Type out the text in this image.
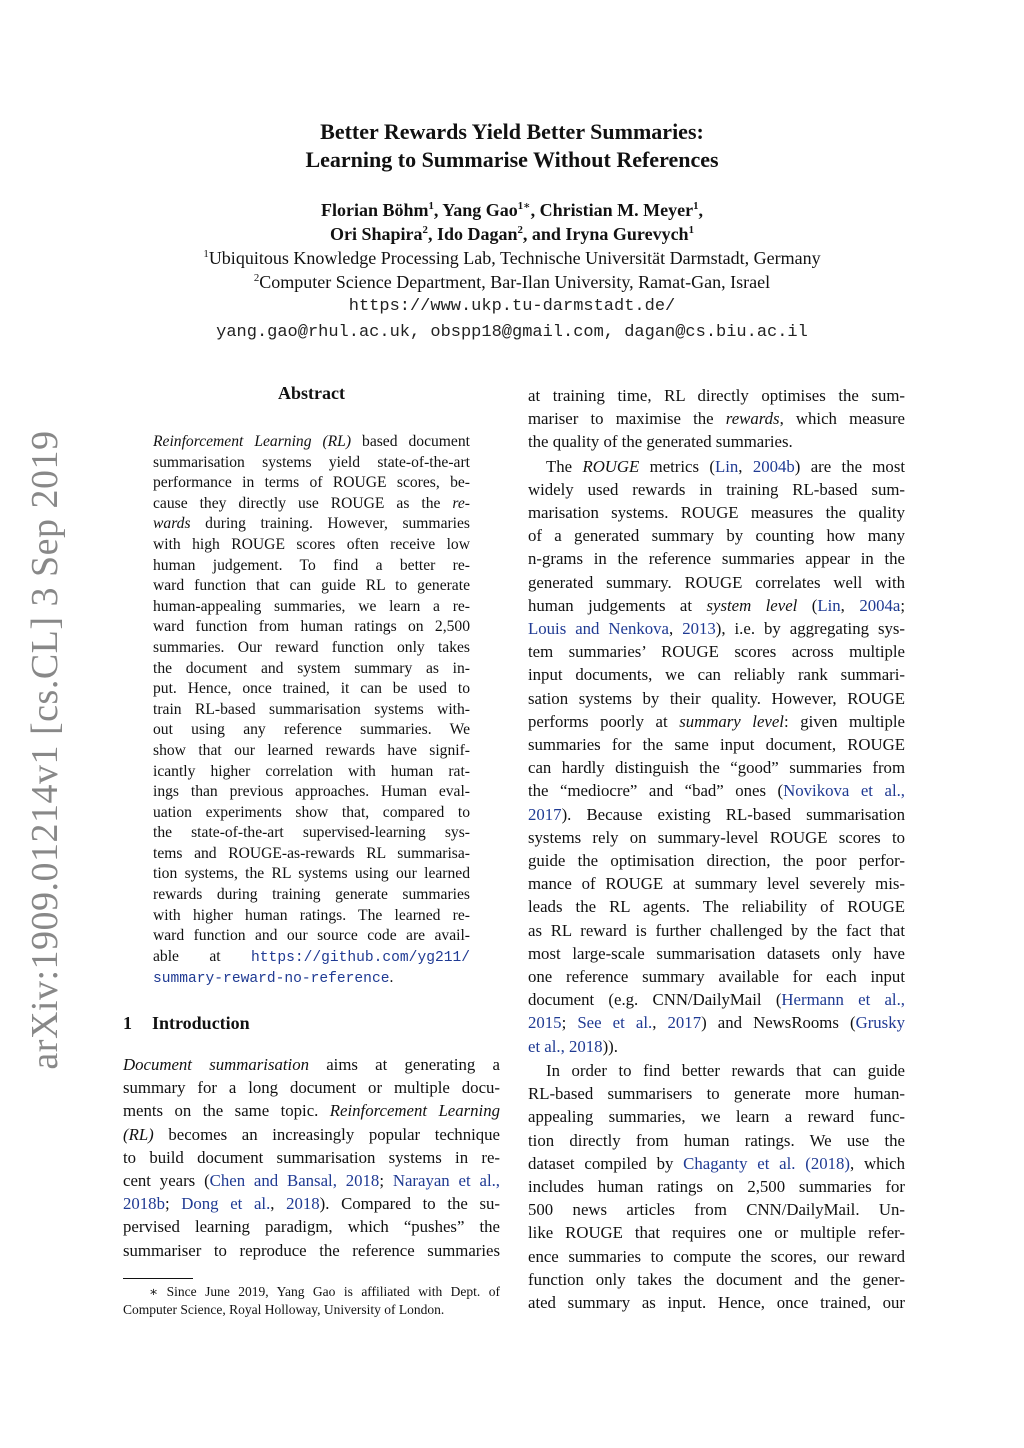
arXiv:1909.01214v1 [cs.CL] 3 Sep 2019
Better Rewards Yield Better Summaries:
Learning to Summarise Without References
Florian Böhm$^1$, Yang Gao$^{1∗}$, Christian M. Meyer$^1$,
Ori Shapira$^2$, Ido Dagan$^2$, and Iryna Gurevych$^1$
$^1$Ubiquitous Knowledge Processing Lab, Technische Universität Darmstadt, Germany
$^2$Computer Science Department, Bar-Ilan University, Ramat-Gan, Israel
https://www.ukp.tu-darmstadt.de/
yang.gao@rhul.ac.uk, obspp18@gmail.com, dagan@cs.biu.ac.il
Abstract
Reinforcement Learning (RL) based document
summarisation systems yield state-of-the-art
performance in terms of ROUGE scores, be-
cause they directly use ROUGE as the re-
wards during training. However, summaries
with high ROUGE scores often receive low
human judgement. To find a better re-
ward function that can guide RL to generate
human-appealing summaries, we learn a re-
ward function from human ratings on 2,500
summaries. Our reward function only takes
the document and system summary as in-
put. Hence, once trained, it can be used to
train RL-based summarisation systems with-
out using any reference summaries. We
show that our learned rewards have signif-
icantly higher correlation with human rat-
ings than previous approaches. Human eval-
uation experiments show that, compared to
the state-of-the-art supervised-learning sys-
tems and ROUGE-as-rewards RL summarisa-
tion systems, the RL systems using our learned
rewards during training generate summaries
with higher human ratings. The learned re-
ward function and our source code are avail-
able at https://github.com/yg211/
summary-reward-no-reference.
1 Introduction
Document summarisation aims at generating a
summary for a long document or multiple docu-
ments on the same topic. Reinforcement Learning
(RL) becomes an increasingly popular technique
to build document summarisation systems in re-
cent years (Chen and Bansal, 2018; Narayan et al.,
2018b; Dong et al., 2018). Compared to the su-
pervised learning paradigm, which “pushes” the
summariser to reproduce the reference summaries
∗ Since June 2019, Yang Gao is affiliated with Dept. of
Computer Science, Royal Holloway, University of London.
at training time, RL directly optimises the sum-
mariser to maximise the rewards, which measure
the quality of the generated summaries.
The ROUGE metrics (Lin, 2004b) are the most
widely used rewards in training RL-based sum-
marisation systems. ROUGE measures the quality
of a generated summary by counting how many
n-grams in the reference summaries appear in the
generated summary. ROUGE correlates well with
human judgements at system level (Lin, 2004a;
Louis and Nenkova, 2013), i.e. by aggregating sys-
tem summaries’ ROUGE scores across multiple
input documents, we can reliably rank summari-
sation systems by their quality. However, ROUGE
performs poorly at summary level: given multiple
summaries for the same input document, ROUGE
can hardly distinguish the “good” summaries from
the “mediocre” and “bad” ones (Novikova et al.,
2017). Because existing RL-based summarisation
systems rely on summary-level ROUGE scores to
guide the optimisation direction, the poor perfor-
mance of ROUGE at summary level severely mis-
leads the RL agents. The reliability of ROUGE
as RL reward is further challenged by the fact that
most large-scale summarisation datasets only have
one reference summary available for each input
document (e.g. CNN/DailyMail (Hermann et al.,
2015; See et al., 2017) and NewsRooms (Grusky
et al., 2018)).
In order to find better rewards that can guide
RL-based summarisers to generate more human-
appealing summaries, we learn a reward func-
tion directly from human ratings. We use the
dataset compiled by Chaganty et al. (2018), which
includes human ratings on 2,500 summaries for
500 news articles from CNN/DailyMail. Un-
like ROUGE that requires one or multiple refer-
ence summaries to compute the scores, our reward
function only takes the document and the gener-
ated summary as input. Hence, once trained, our
